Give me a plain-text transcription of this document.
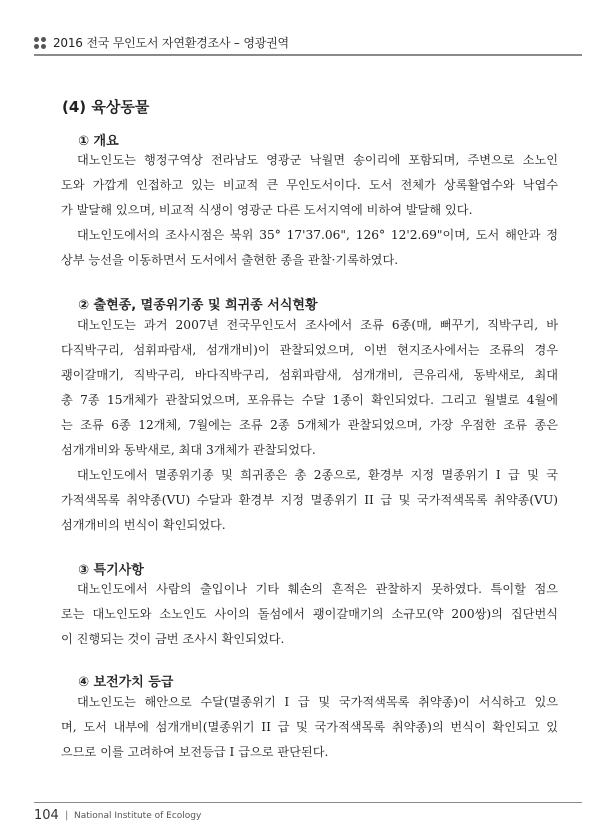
2016 전국 무인도서 자연환경조사 – 영광권역
(4) 육상동물
① 개요
대노인도는 행정구역상 전라남도 영광군 낙월면 송이리에 포함되며, 주변으로 소노인
도와 가깝게 인접하고 있는 비교적 큰 무인도서이다. 도서 전체가 상록활엽수와 낙엽수
가 발달해 있으며, 비교적 식생이 영광군 다른 도서지역에 비하여 발달해 있다.
대노인도에서의 조사시점은 북위 35° 17'37.06", 126° 12'2.69"이며, 도서 해안과 정
상부 능선을 이동하면서 도서에서 출현한 종을 관찰·기록하였다.
② 출현종, 멸종위기종 및 희귀종 서식현황
대노인도는 과거 2007년 전국무인도서 조사에서 조류 6종(매, 뻐꾸기, 직박구리, 바
다직박구리, 섬휘파람새, 섬개개비)이 관찰되었으며, 이번 현지조사에서는 조류의 경우
괭이갈매기, 직박구리, 바다직박구리, 섬휘파람새, 섬개개비, 큰유리새, 동박새로, 최대
총 7종 15개체가 관찰되었으며, 포유류는 수달 1종이 확인되었다. 그리고 월별로 4월에
는 조류 6종 12개체, 7월에는 조류 2종 5개체가 관찰되었으며, 가장 우점한 조류 종은
섬개개비와 동박새로, 최대 3개체가 관찰되었다.
대노인도에서 멸종위기종 및 희귀종은 총 2종으로, 환경부 지정 멸종위기 I 급 및 국
가적색목록 취약종(VU) 수달과 환경부 지정 멸종위기 II 급 및 국가적색목록 취약종(VU)
섬개개비의 번식이 확인되었다.
③ 특기사항
대노인도에서 사람의 출입이나 기타 훼손의 흔적은 관찰하지 못하였다. 특이할 점으
로는 대노인도와 소노인도 사이의 돌섬에서 괭이갈매기의 소규모(약 200쌍)의 집단번식
이 진행되는 것이 금번 조사시 확인되었다.
④ 보전가치 등급
대노인도는 해안으로 수달(멸종위기 I 급 및 국가적색목록 취약종)이 서식하고 있으
며, 도서 내부에 섬개개비(멸종위기 II 급 및 국가적색목록 취약종)의 번식이 확인되고 있
으므로 이를 고려하여 보전등급 I 급으로 판단된다.
104 | National Institute of Ecology
